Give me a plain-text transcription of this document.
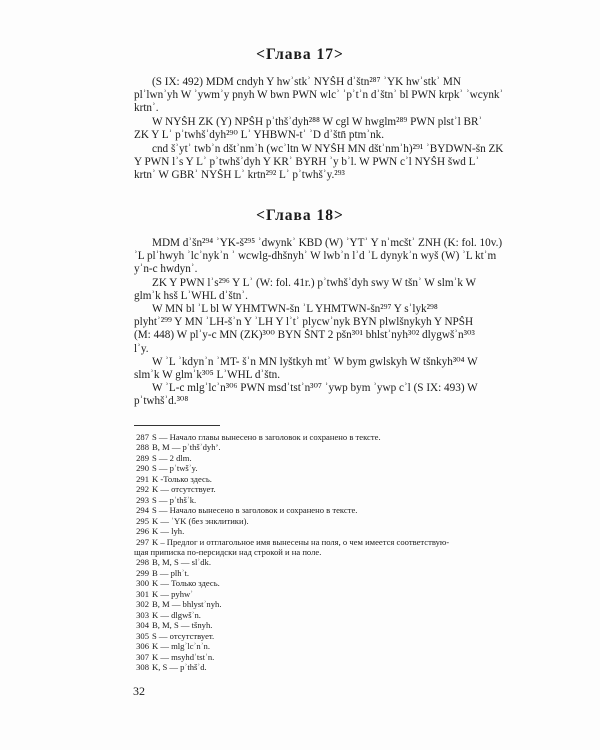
<Глава 17>
(S IX: 492) MDM cndyh Y hwʾstkʾ NYŠH dʾštn²⁸⁷ ʾYK hwʾstkʾ MN
plʾlwnʾyh W ʾywmʾy pnyh W bwn PWN wlcʾ ʾpʾtʾn dʾštnʾ bl PWN krpkʾ ʾwcynkʾ
krtnʾ.
W NYŠH ZK (Y) NPŠH pʾthšʾdyh²⁸⁸ W cgl W hwglm²⁸⁹ PWN plstʾl BRʾ
ZK Y Lʾ pʾtwhšʾdyh²⁹⁰ Lʾ YHBWN-tʾ ʾD dʾštn̄ ptmʾnk.
cnd šʾytʾ twbʾn dštʾnmʾh (wcʾltn W NYŠH MN dštʾnmʾh)²⁹¹ ʾBYDWN-šn ZK
Y PWN lʾs Y Lʾ pʾtwhšʾdyh Y KRʾ BYRH ʾy bʾl. W PWN cʾl NYŠH šwd Lʾ
krtnʾ W GBRʾ NYŠH Lʾ krtn²⁹² Lʾ pʾtwhšʾy.²⁹³
<Глава 18>
MDM dʾšn²⁹⁴ ʾYK-š²⁹⁵ ʾdwynkʾ KBD (W) ʾYTʾ Y nʾmcštʾ ZNH (K: fol. 10v.)
ʾL plʾhwyh ʾlcʾnykʾn ʾ wcwlg-dhšnyhʾ W lwbʾn lʾd ʾL dynykʾn wyš (W) ʾL ktʾm
yʾn-c hwdynʾ.
ZK Y PWN lʾs²⁹⁶ Y Lʾ (W: fol. 41r.) pʾtwhšʾdyh swy W tšnʾ W slmʾk W
glmʾk hsš LʾWHL dʾštnʾ.
W MN bl ʾL bl W YHMTWN-šn ʾL YHMTWN-šn²⁹⁷ Y sʾlyk²⁹⁸
plyhtʾ²⁹⁹ Y MN ʾLH-šʾn Y ʾLH Y lʾtʾ plycwʾnyk BYN plwlšnykyh Y NPŠH
(M: 448) W plʾy-c MN (ZK)³⁰⁰ BYN ŠNT 2 pšn³⁰¹ bhlstʾnyh³⁰² dlygwšʾn³⁰³
lʾy.
W ʾL ʾkdynʾn ʾMT- šʾn MN lyštkyh mtʾ W bym gwlskyh W tšnkyh³⁰⁴ W
slmʾk W glmʾk³⁰⁵ LʾWHL dʾštn.
W ʾL-c mlgʾlcʾn³⁰⁶ PWN msdʾtstʾn³⁰⁷ ʾywp bym ʾywp cʾl (S IX: 493) W
pʾtwhšʾd.³⁰⁸
287 S — Начало главы вынесено в заголовок и сохранено в тексте.
288 B, M — pʾthšʾdyh’.
289 S — 2 dlm.
290 S — pʾtwšʾy.
291 K -Только здесь.
292 K — отсутствует.
293 S — pʾthšʾk.
294 S — Начало вынесено в заголовок и сохранено в тексте.
295 K — ʾYK (без энклитики).
296 K — lyh.
297 K – Предлог и отглагольное имя вынесены на поля, о чем имеется соответствую-
щая приписка по-персидски над строкой и на поле.
298 B, M, S — slʾdk.
299 B — plhʾt.
300 K — Только здесь.
301 K — pyhwʾ
302 B, M — bhlystʾnyh.
303 K — dlgwšʾn.
304 B, M, S — tšnyh.
305 S — отсутствует.
306 K — mlgʾlcʾnʾn.
307 K — msyhdʾtstʾn.
308 K, S — pʾthšʾd.
32
